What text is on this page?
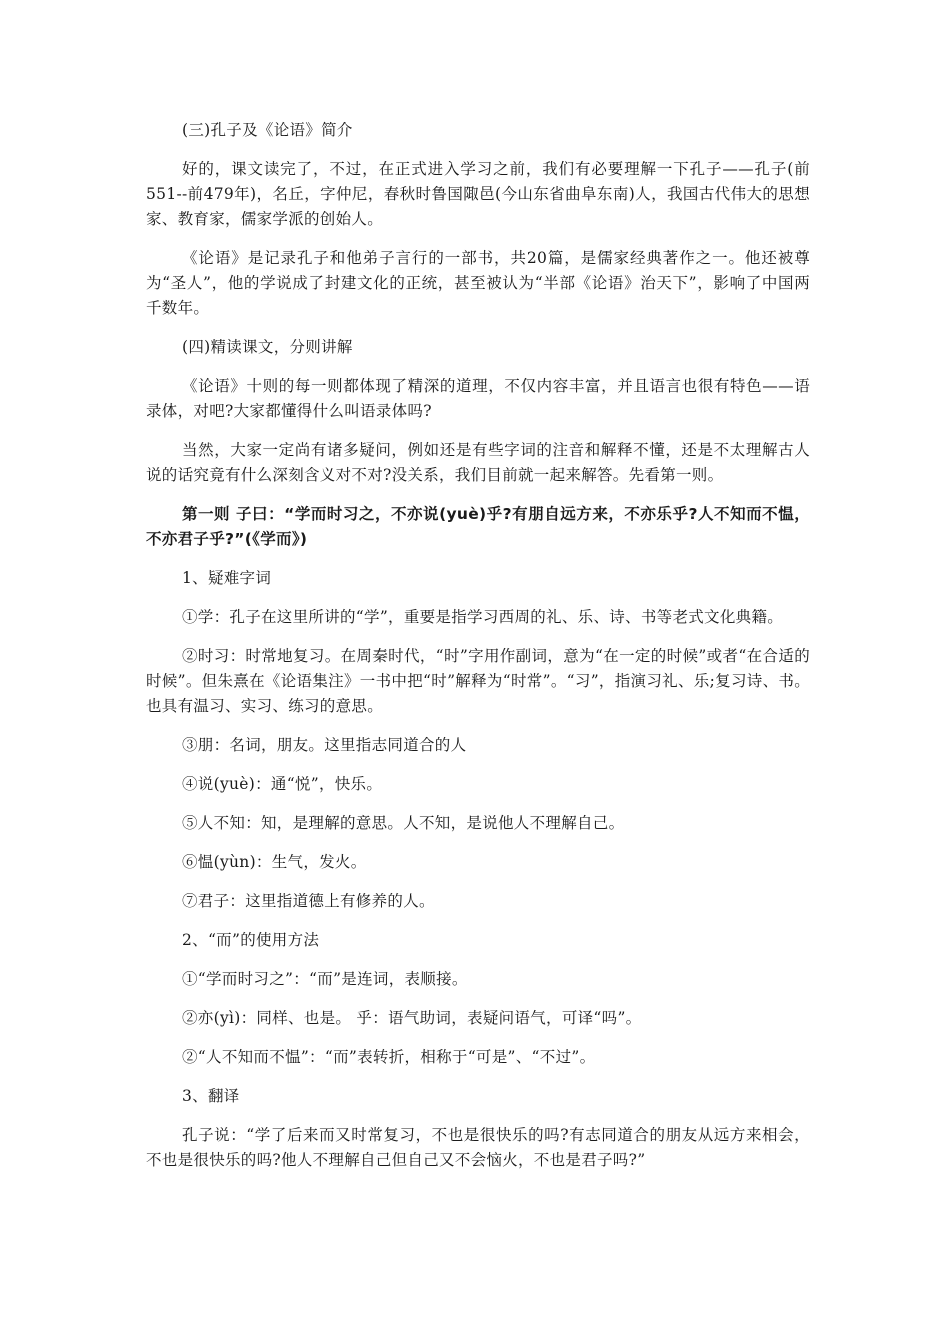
(三)孔子及《论语》简介

好的，课文读完了，不过，在正式进入学习之前，我们有必要理解一下孔子——孔子(前551--前479年)，名丘，字仲尼，春秋时鲁国陬邑(今山东省曲阜东南)人，我国古代伟大的思想家、教育家，儒家学派的创始人。

《论语》是记录孔子和他弟子言行的一部书，共20篇，是儒家经典著作之一。他还被尊为“圣人”，他的学说成了封建文化的正统，甚至被认为“半部《论语》治天下”，影响了中国两千数年。

(四)精读课文，分则讲解

《论语》十则的每一则都体现了精深的道理，不仅内容丰富，并且语言也很有特色——语录体，对吧?大家都懂得什么叫语录体吗?

当然，大家一定尚有诸多疑问，例如还是有些字词的注音和解释不懂，还是不太理解古人说的话究竟有什么深刻含义对不对?没关系，我们目前就一起来解答。先看第一则。

第一则 子曰：“学而时习之，不亦说(yuè)乎?有朋自远方来，不亦乐乎?人不知而不愠，不亦君子乎?”(《学而》)

1、疑难字词

①学：孔子在这里所讲的“学”，重要是指学习西周的礼、乐、诗、书等老式文化典籍。

②时习：时常地复习。在周秦时代，“时”字用作副词，意为“在一定的时候”或者“在合适的时候”。但朱熹在《论语集注》一书中把“时”解释为“时常”。“习”，指演习礼、乐;复习诗、书。也具有温习、实习、练习的意思。

③朋：名词，朋友。这里指志同道合的人

④说(yuè)：通“悦”，快乐。

⑤人不知：知，是理解的意思。人不知，是说他人不理解自己。

⑥愠(yùn)：生气，发火。

⑦君子：这里指道德上有修养的人。

2、“而”的使用方法

①“学而时习之”：“而”是连词，表顺接。

②亦(yì)：同样、也是。 乎：语气助词，表疑问语气，可译“吗”。

②“人不知而不愠”：“而”表转折，相称于“可是”、“不过”。

3、翻译

孔子说：“学了后来而又时常复习，不也是很快乐的吗?有志同道合的朋友从远方来相会，不也是很快乐的吗?他人不理解自己但自己又不会恼火，不也是君子吗?”
